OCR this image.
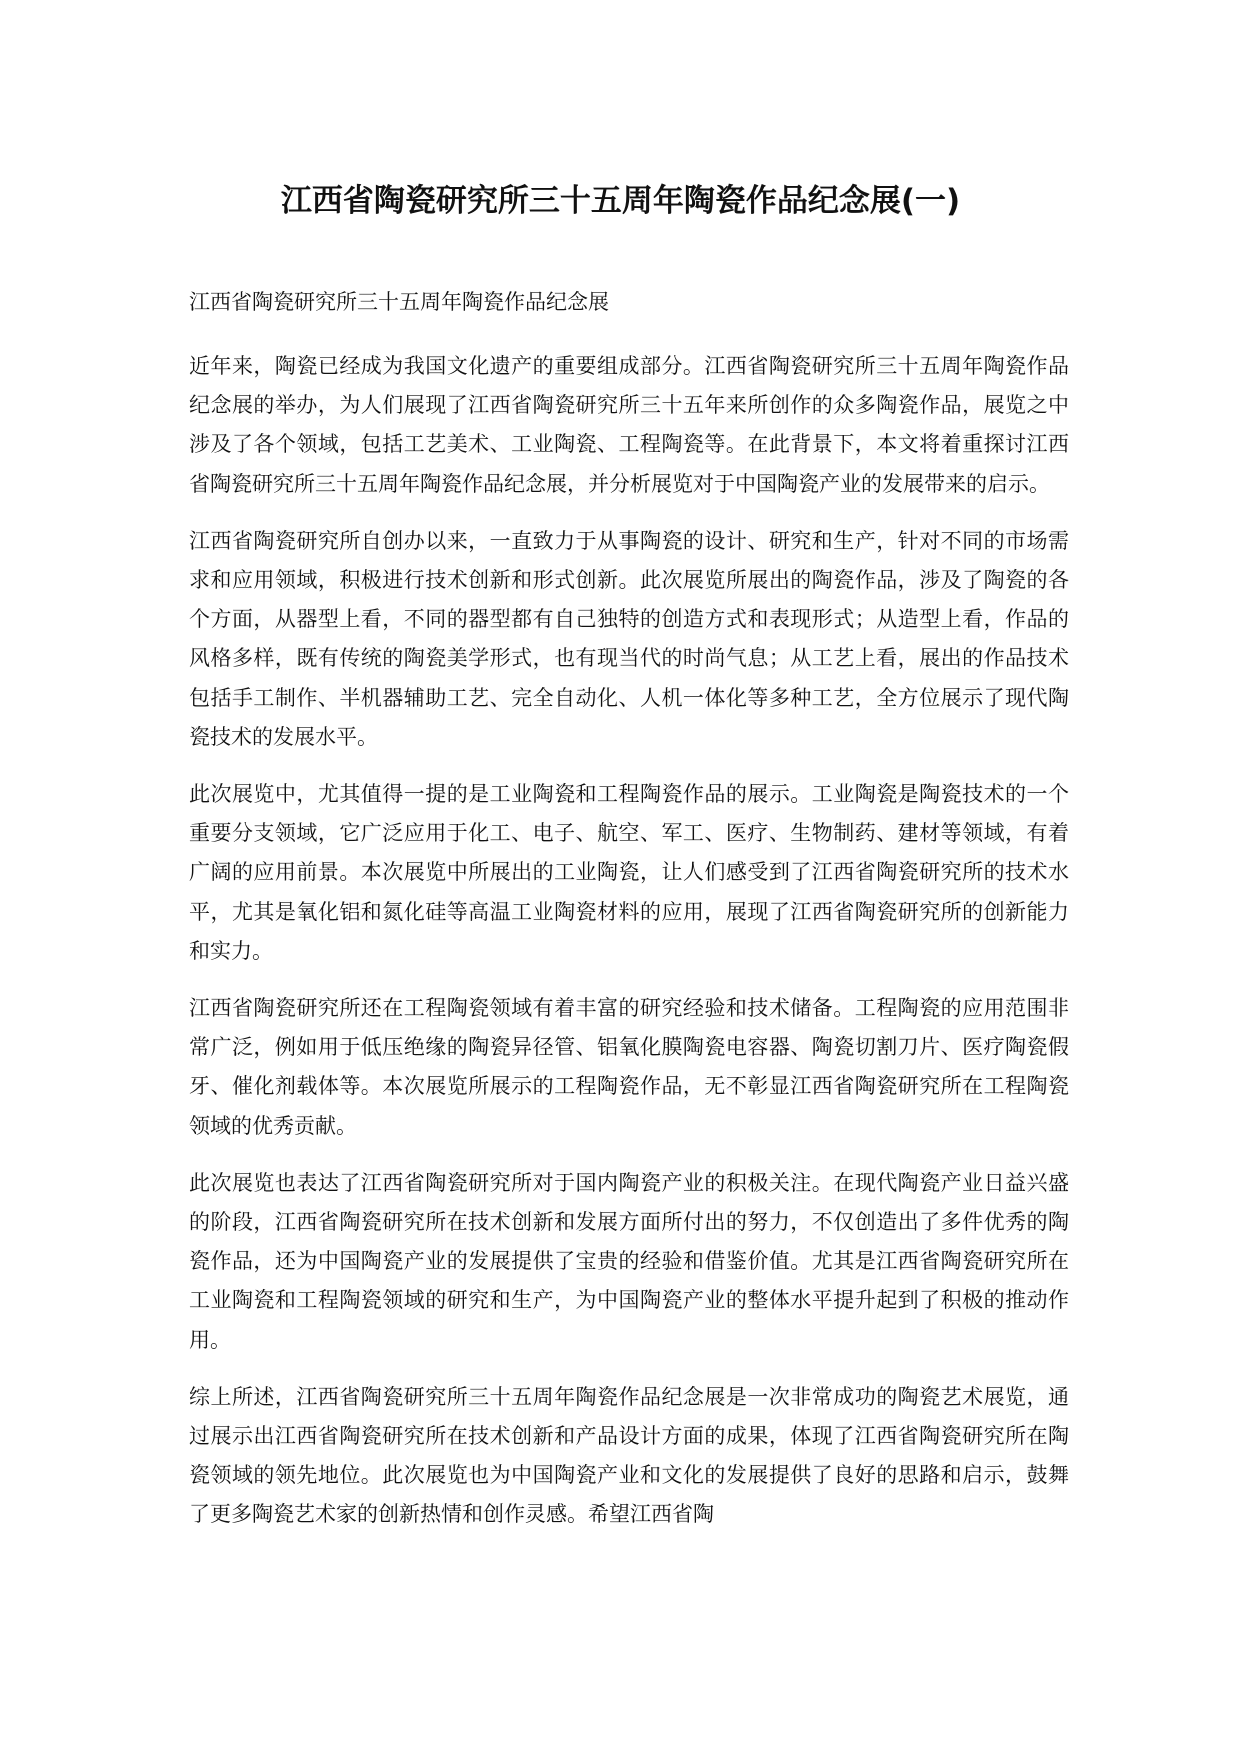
江西省陶瓷研究所三十五周年陶瓷作品纪念展(一)

江西省陶瓷研究所三十五周年陶瓷作品纪念展

近年来，陶瓷已经成为我国文化遗产的重要组成部分。江西省陶瓷研究所三十五周年陶瓷作品纪念展的举办，为人们展现了江西省陶瓷研究所三十五年来所创作的众多陶瓷作品，展览之中涉及了各个领域，包括工艺美术、工业陶瓷、工程陶瓷等。在此背景下，本文将着重探讨江西省陶瓷研究所三十五周年陶瓷作品纪念展，并分析展览对于中国陶瓷产业的发展带来的启示。

江西省陶瓷研究所自创办以来，一直致力于从事陶瓷的设计、研究和生产，针对不同的市场需求和应用领域，积极进行技术创新和形式创新。此次展览所展出的陶瓷作品，涉及了陶瓷的各个方面，从器型上看，不同的器型都有自己独特的创造方式和表现形式；从造型上看，作品的风格多样，既有传统的陶瓷美学形式，也有现当代的时尚气息；从工艺上看，展出的作品技术包括手工制作、半机器辅助工艺、完全自动化、人机一体化等多种工艺，全方位展示了现代陶瓷技术的发展水平。

此次展览中，尤其值得一提的是工业陶瓷和工程陶瓷作品的展示。工业陶瓷是陶瓷技术的一个重要分支领域，它广泛应用于化工、电子、航空、军工、医疗、生物制药、建材等领域，有着广阔的应用前景。本次展览中所展出的工业陶瓷，让人们感受到了江西省陶瓷研究所的技术水平，尤其是氧化铝和氮化硅等高温工业陶瓷材料的应用，展现了江西省陶瓷研究所的创新能力和实力。

江西省陶瓷研究所还在工程陶瓷领域有着丰富的研究经验和技术储备。工程陶瓷的应用范围非常广泛，例如用于低压绝缘的陶瓷异径管、铝氧化膜陶瓷电容器、陶瓷切割刀片、医疗陶瓷假牙、催化剂载体等。本次展览所展示的工程陶瓷作品，无不彰显江西省陶瓷研究所在工程陶瓷领域的优秀贡献。

此次展览也表达了江西省陶瓷研究所对于国内陶瓷产业的积极关注。在现代陶瓷产业日益兴盛的阶段，江西省陶瓷研究所在技术创新和发展方面所付出的努力，不仅创造出了多件优秀的陶瓷作品，还为中国陶瓷产业的发展提供了宝贵的经验和借鉴价值。尤其是江西省陶瓷研究所在工业陶瓷和工程陶瓷领域的研究和生产，为中国陶瓷产业的整体水平提升起到了积极的推动作用。

综上所述，江西省陶瓷研究所三十五周年陶瓷作品纪念展是一次非常成功的陶瓷艺术展览，通过展示出江西省陶瓷研究所在技术创新和产品设计方面的成果，体现了江西省陶瓷研究所在陶瓷领域的领先地位。此次展览也为中国陶瓷产业和文化的发展提供了良好的思路和启示，鼓舞了更多陶瓷艺术家的创新热情和创作灵感。希望江西省陶
